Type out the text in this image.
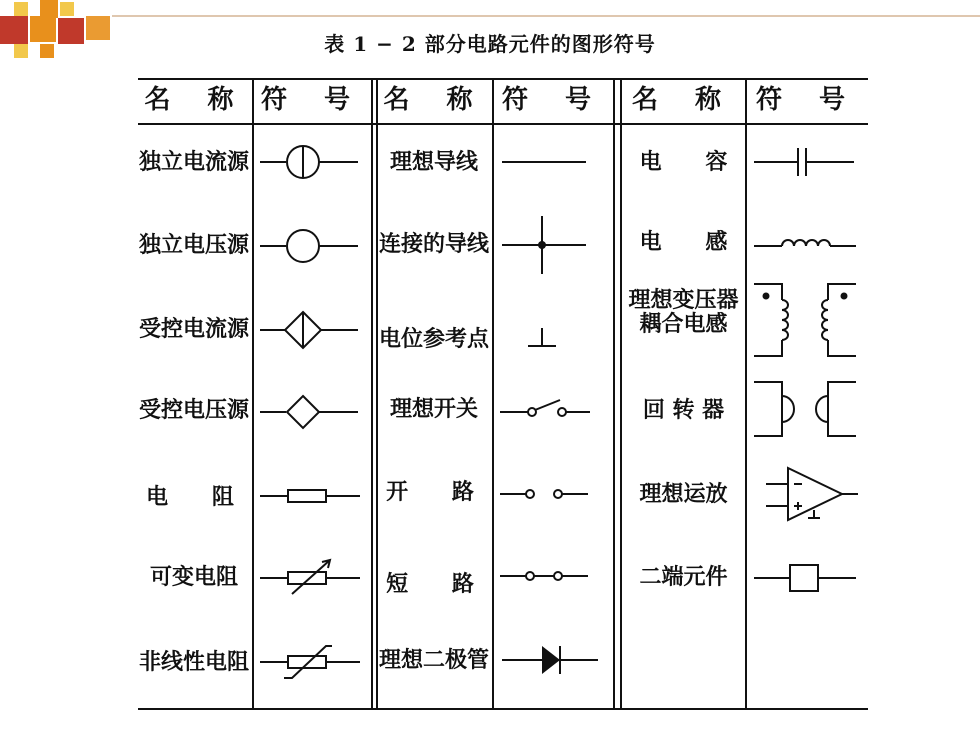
表 1 − 2 部分电路元件的图形符号
名 称 符 号 名 称 符 号	名 称 符 号
独立电流源
独立电压源
受控电流源
受控电压源
电 阻
可变电阻
非线性电阻
理想导线
连接的导线
电位参考点
理想开关
开 路
短 路
理想二极管
电 容
电 感
理想变压器
耦合电感
回 转 器
理想运放
二端元件
